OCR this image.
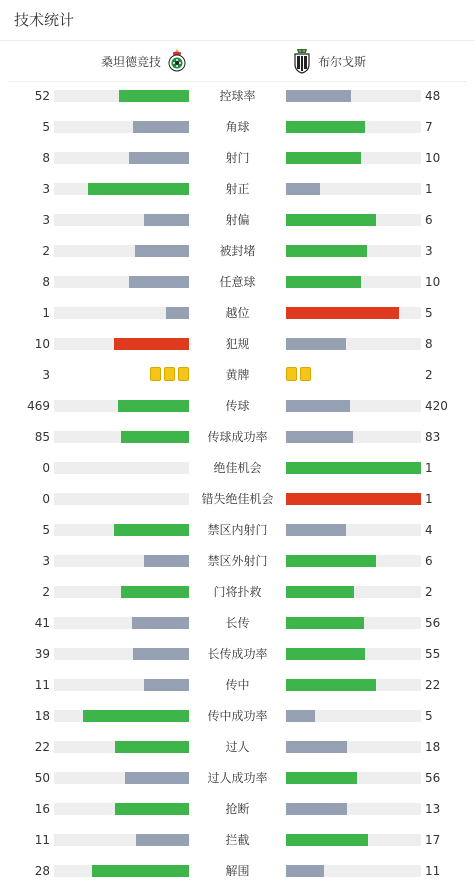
技术统计
桑坦德竞技	布尔戈斯
52	控球率	48
5	角球	7
8	射门	10
3	射正	1
3	射偏	6
2	被封堵	3
8	任意球	10
1	越位	5
10	犯规	8
3	黄牌	2
469	传球	420
85	传球成功率	83
0	绝佳机会	1
0	错失绝佳机会	1
5	禁区内射门	4
3	禁区外射门	6
2	门将扑救	2
41	长传	56
39	长传成功率	55
11	传中	22
18	传中成功率	5
22	过人	18
50	过人成功率	56
16	抢断	13
11	拦截	17
28	解围	11
